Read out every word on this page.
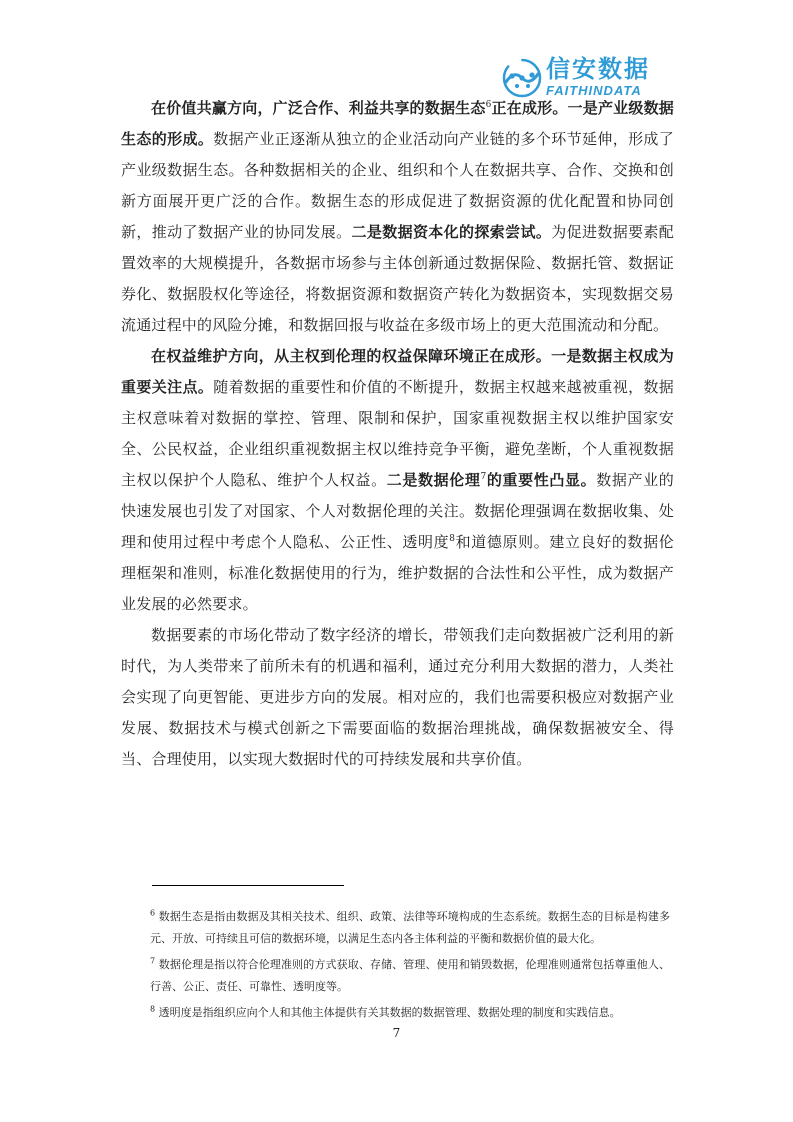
信安数据
FAITHINDATA

在价值共赢方向，广泛合作、利益共享的数据生态$^6$正在成形。一是产业级数据生态的形成。数据产业正逐渐从独立的企业活动向产业链的多个环节延伸，形成了产业级数据生态。各种数据相关的企业、组织和个人在数据共享、合作、交换和创新方面展开更广泛的合作。数据生态的形成促进了数据资源的优化配置和协同创新，推动了数据产业的协同发展。二是数据资本化的探索尝试。为促进数据要素配置效率的大规模提升，各数据市场参与主体创新通过数据保险、数据托管、数据证券化、数据股权化等途径，将数据资源和数据资产转化为数据资本，实现数据交易流通过程中的风险分摊，和数据回报与收益在多级市场上的更大范围流动和分配。

在权益维护方向，从主权到伦理的权益保障环境正在成形。一是数据主权成为重要关注点。随着数据的重要性和价值的不断提升，数据主权越来越被重视，数据主权意味着对数据的掌控、管理、限制和保护，国家重视数据主权以维护国家安全、公民权益，企业组织重视数据主权以维持竞争平衡，避免垄断，个人重视数据主权以保护个人隐私、维护个人权益。二是数据伦理$^7$的重要性凸显。数据产业的快速发展也引发了对国家、个人对数据伦理的关注。数据伦理强调在数据收集、处理和使用过程中考虑个人隐私、公正性、透明度$^8$和道德原则。建立良好的数据伦理框架和准则，标准化数据使用的行为，维护数据的合法性和公平性，成为数据产业发展的必然要求。

数据要素的市场化带动了数字经济的增长，带领我们走向数据被广泛利用的新时代，为人类带来了前所未有的机遇和福利，通过充分利用大数据的潜力，人类社会实现了向更智能、更进步方向的发展。相对应的，我们也需要积极应对数据产业发展、数据技术与模式创新之下需要面临的数据治理挑战，确保数据被安全、得当、合理使用，以实现大数据时代的可持续发展和共享价值。

$^6$ 数据生态是指由数据及其相关技术、组织、政策、法律等环境构成的生态系统。数据生态的目标是构建多元、开放、可持续且可信的数据环境，以满足生态内各主体利益的平衡和数据价值的最大化。

$^7$ 数据伦理是指以符合伦理准则的方式获取、存储、管理、使用和销毁数据，伦理准则通常包括尊重他人、行善、公正、责任、可靠性、透明度等。

$^8$ 透明度是指组织应向个人和其他主体提供有关其数据的数据管理、数据处理的制度和实践信息。

7
